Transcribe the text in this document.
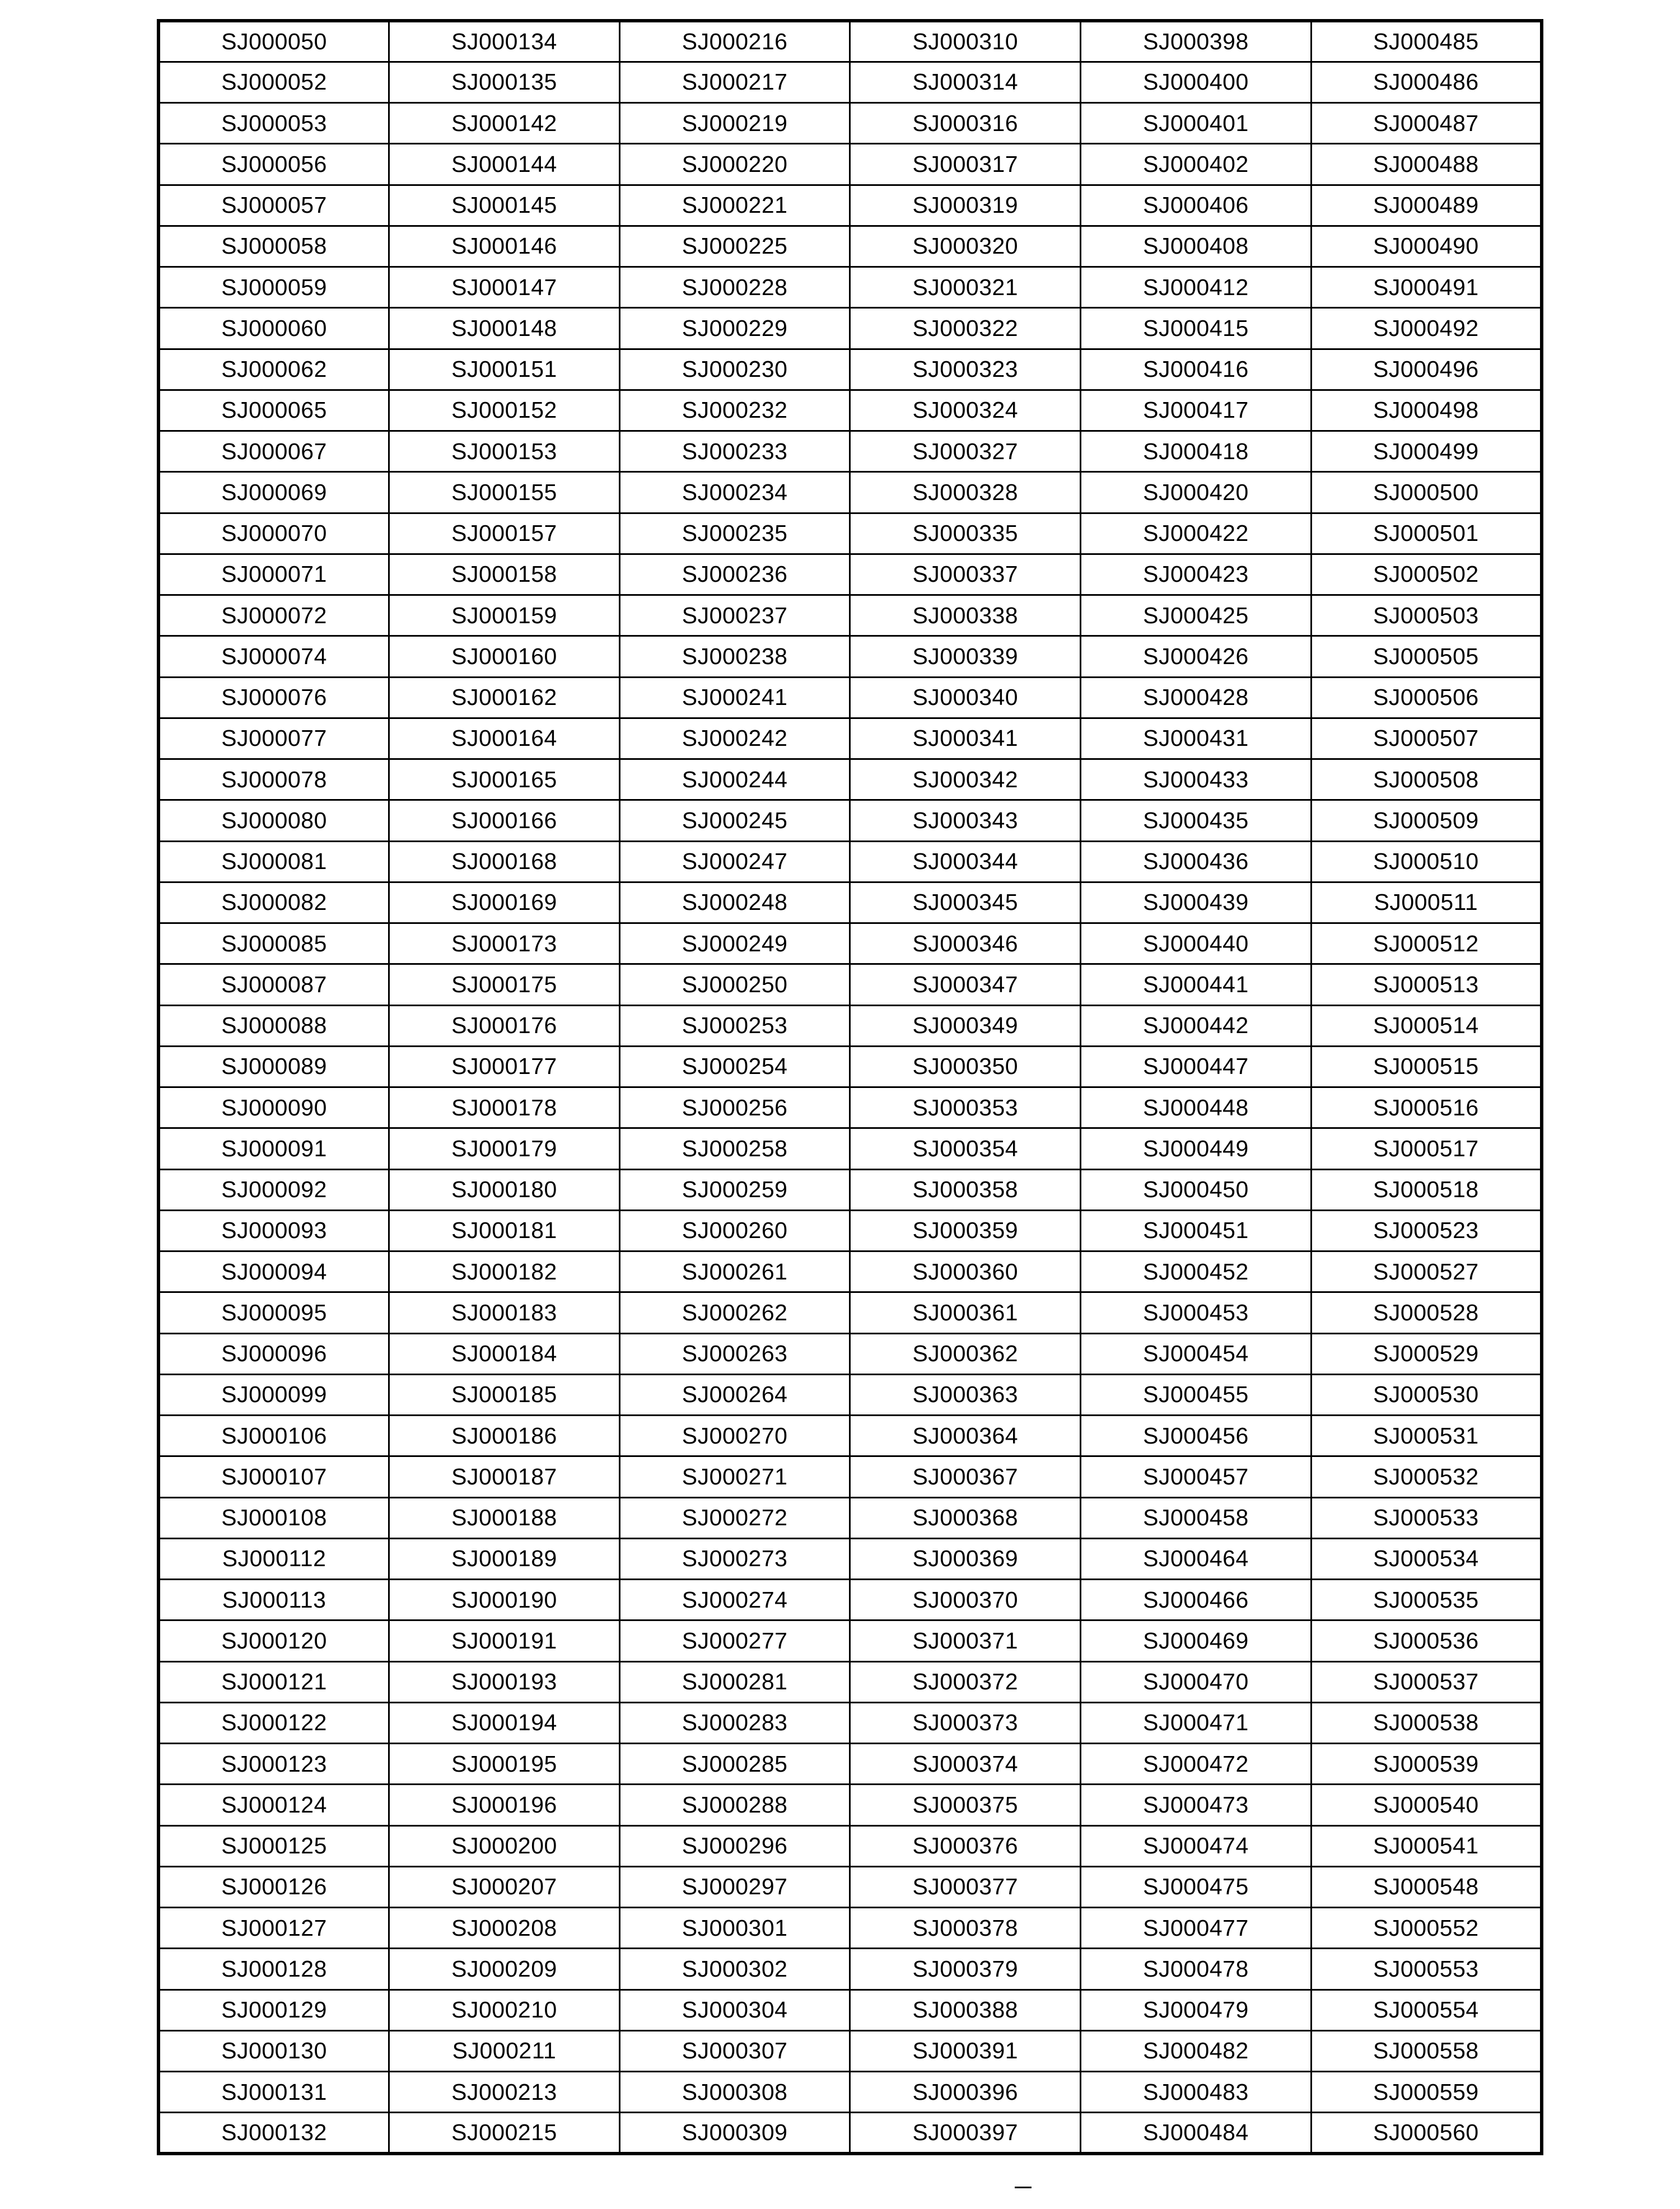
SJ000050	SJ000134	SJ000216	SJ000310	SJ000398	SJ000485
SJ000052	SJ000135	SJ000217	SJ000314	SJ000400	SJ000486
SJ000053	SJ000142	SJ000219	SJ000316	SJ000401	SJ000487
SJ000056	SJ000144	SJ000220	SJ000317	SJ000402	SJ000488
SJ000057	SJ000145	SJ000221	SJ000319	SJ000406	SJ000489
SJ000058	SJ000146	SJ000225	SJ000320	SJ000408	SJ000490
SJ000059	SJ000147	SJ000228	SJ000321	SJ000412	SJ000491
SJ000060	SJ000148	SJ000229	SJ000322	SJ000415	SJ000492
SJ000062	SJ000151	SJ000230	SJ000323	SJ000416	SJ000496
SJ000065	SJ000152	SJ000232	SJ000324	SJ000417	SJ000498
SJ000067	SJ000153	SJ000233	SJ000327	SJ000418	SJ000499
SJ000069	SJ000155	SJ000234	SJ000328	SJ000420	SJ000500
SJ000070	SJ000157	SJ000235	SJ000335	SJ000422	SJ000501
SJ000071	SJ000158	SJ000236	SJ000337	SJ000423	SJ000502
SJ000072	SJ000159	SJ000237	SJ000338	SJ000425	SJ000503
SJ000074	SJ000160	SJ000238	SJ000339	SJ000426	SJ000505
SJ000076	SJ000162	SJ000241	SJ000340	SJ000428	SJ000506
SJ000077	SJ000164	SJ000242	SJ000341	SJ000431	SJ000507
SJ000078	SJ000165	SJ000244	SJ000342	SJ000433	SJ000508
SJ000080	SJ000166	SJ000245	SJ000343	SJ000435	SJ000509
SJ000081	SJ000168	SJ000247	SJ000344	SJ000436	SJ000510
SJ000082	SJ000169	SJ000248	SJ000345	SJ000439	SJ000511
SJ000085	SJ000173	SJ000249	SJ000346	SJ000440	SJ000512
SJ000087	SJ000175	SJ000250	SJ000347	SJ000441	SJ000513
SJ000088	SJ000176	SJ000253	SJ000349	SJ000442	SJ000514
SJ000089	SJ000177	SJ000254	SJ000350	SJ000447	SJ000515
SJ000090	SJ000178	SJ000256	SJ000353	SJ000448	SJ000516
SJ000091	SJ000179	SJ000258	SJ000354	SJ000449	SJ000517
SJ000092	SJ000180	SJ000259	SJ000358	SJ000450	SJ000518
SJ000093	SJ000181	SJ000260	SJ000359	SJ000451	SJ000523
SJ000094	SJ000182	SJ000261	SJ000360	SJ000452	SJ000527
SJ000095	SJ000183	SJ000262	SJ000361	SJ000453	SJ000528
SJ000096	SJ000184	SJ000263	SJ000362	SJ000454	SJ000529
SJ000099	SJ000185	SJ000264	SJ000363	SJ000455	SJ000530
SJ000106	SJ000186	SJ000270	SJ000364	SJ000456	SJ000531
SJ000107	SJ000187	SJ000271	SJ000367	SJ000457	SJ000532
SJ000108	SJ000188	SJ000272	SJ000368	SJ000458	SJ000533
SJ000112	SJ000189	SJ000273	SJ000369	SJ000464	SJ000534
SJ000113	SJ000190	SJ000274	SJ000370	SJ000466	SJ000535
SJ000120	SJ000191	SJ000277	SJ000371	SJ000469	SJ000536
SJ000121	SJ000193	SJ000281	SJ000372	SJ000470	SJ000537
SJ000122	SJ000194	SJ000283	SJ000373	SJ000471	SJ000538
SJ000123	SJ000195	SJ000285	SJ000374	SJ000472	SJ000539
SJ000124	SJ000196	SJ000288	SJ000375	SJ000473	SJ000540
SJ000125	SJ000200	SJ000296	SJ000376	SJ000474	SJ000541
SJ000126	SJ000207	SJ000297	SJ000377	SJ000475	SJ000548
SJ000127	SJ000208	SJ000301	SJ000378	SJ000477	SJ000552
SJ000128	SJ000209	SJ000302	SJ000379	SJ000478	SJ000553
SJ000129	SJ000210	SJ000304	SJ000388	SJ000479	SJ000554
SJ000130	SJ000211	SJ000307	SJ000391	SJ000482	SJ000558
SJ000131	SJ000213	SJ000308	SJ000396	SJ000483	SJ000559
SJ000132	SJ000215	SJ000309	SJ000397	SJ000484	SJ000560
